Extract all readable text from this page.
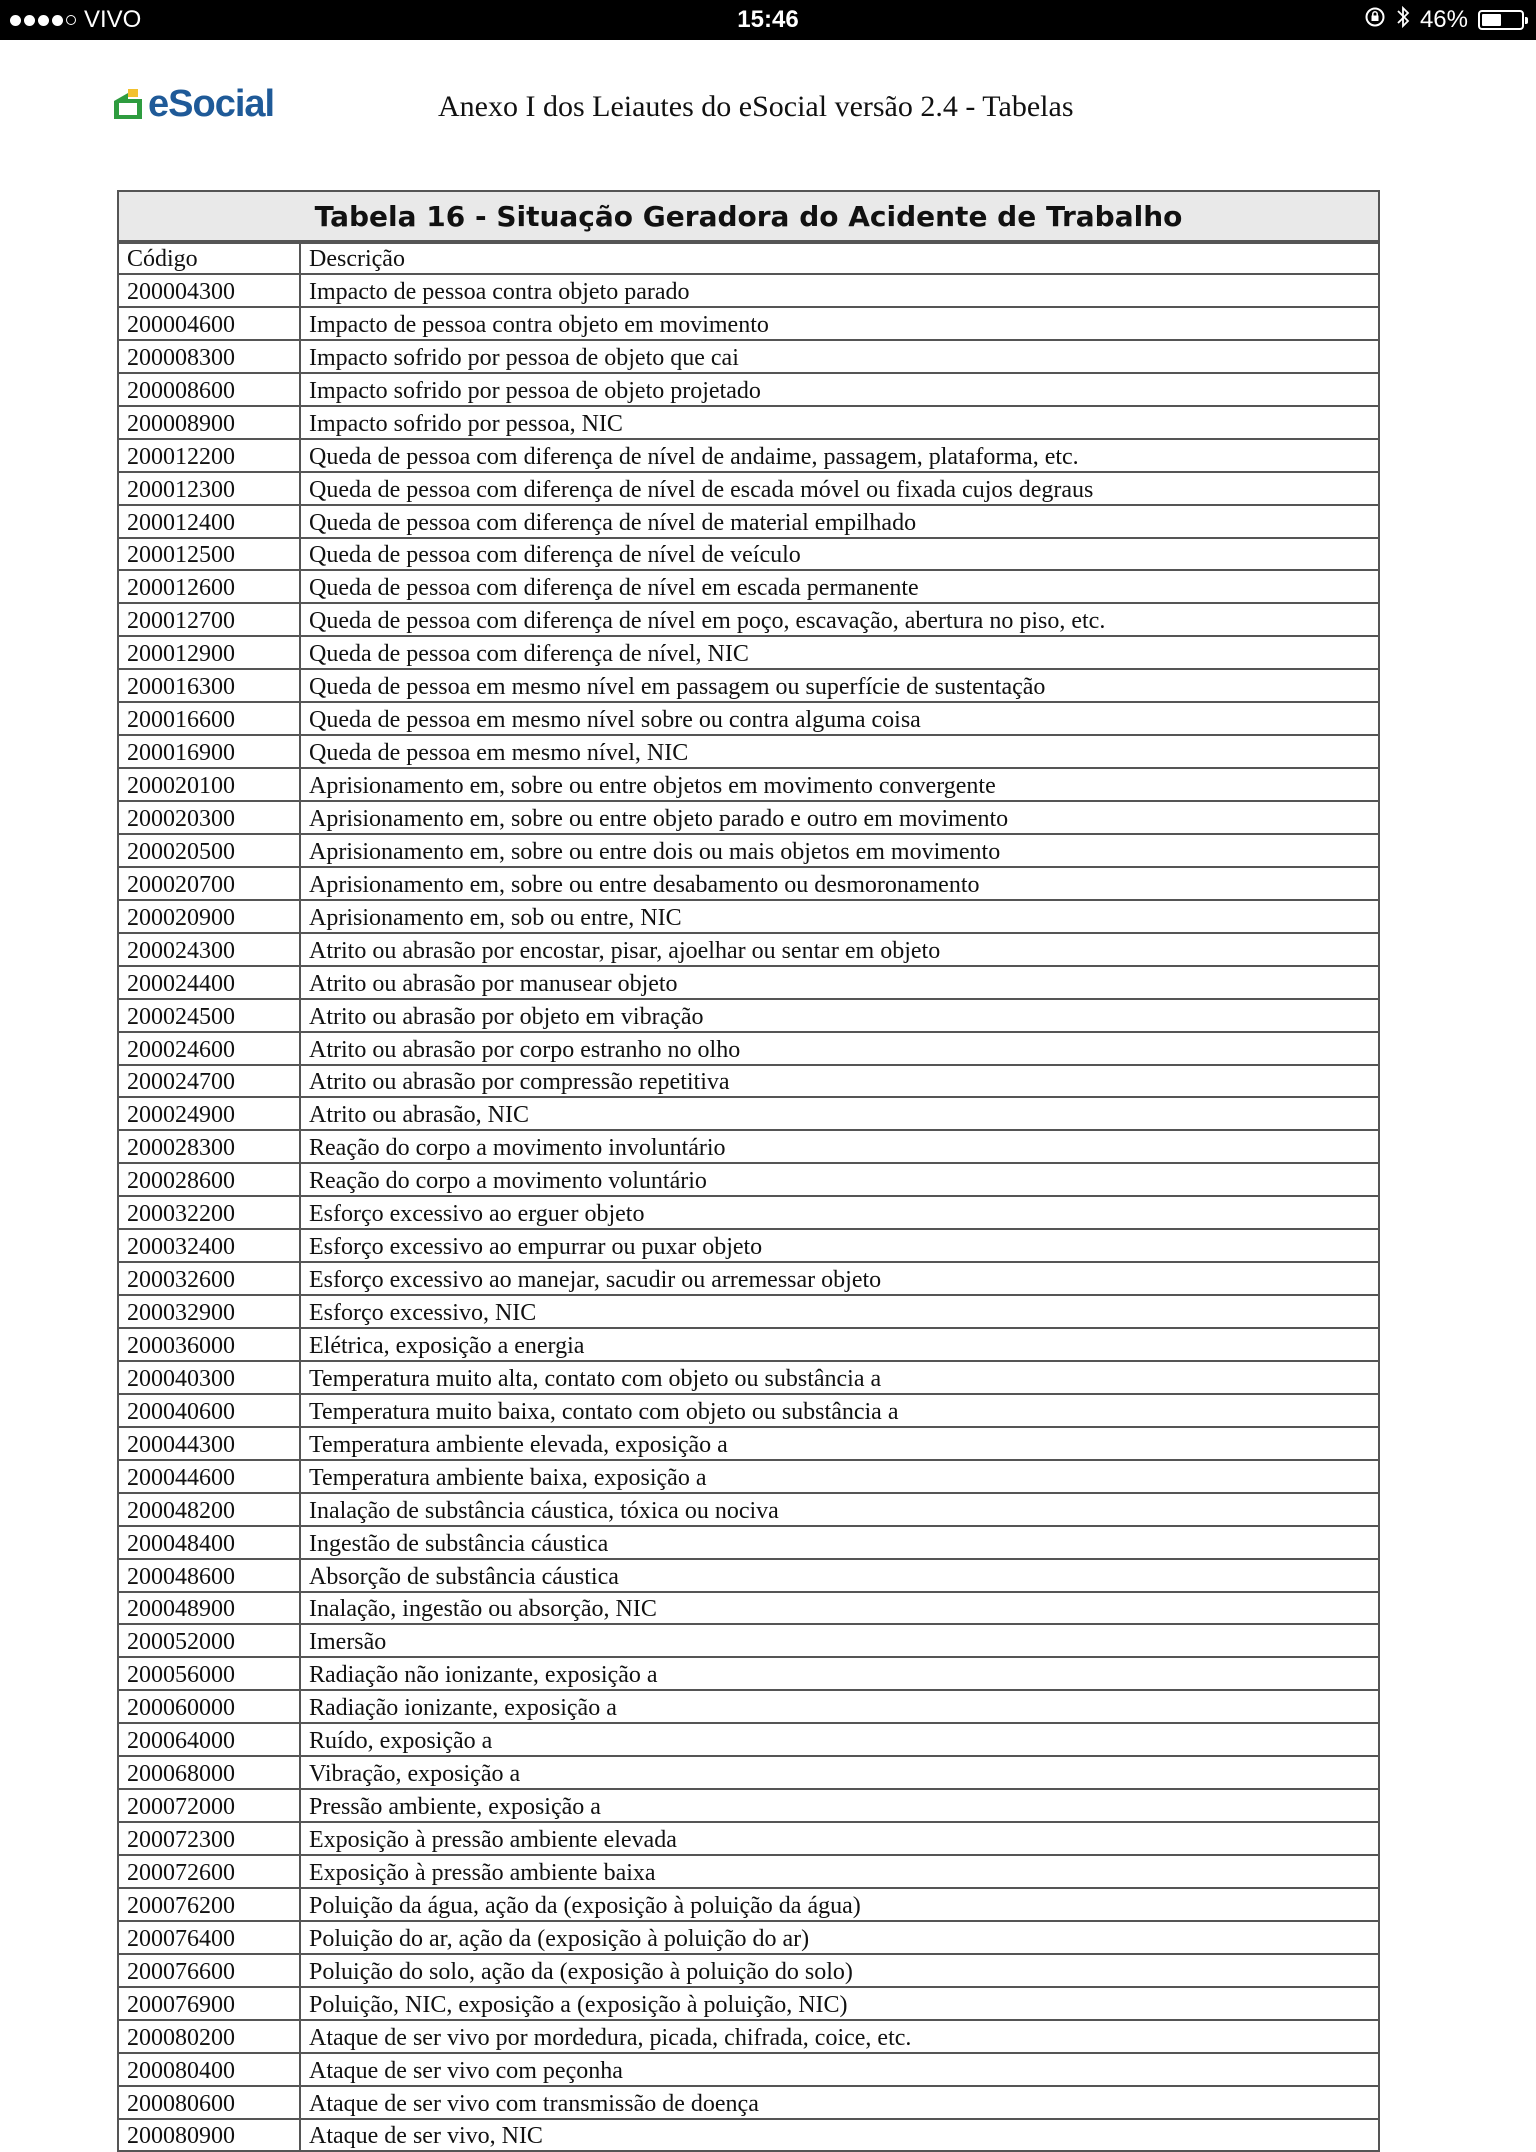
VIVO	15:46	46%
eSocial	Anexo I dos Leiautes do eSocial versão 2.4 - Tabelas
Tabela 16 - Situação Geradora do Acidente de Trabalho
Código	Descrição
200004300	Impacto de pessoa contra objeto parado
200004600	Impacto de pessoa contra objeto em movimento
200008300	Impacto sofrido por pessoa de objeto que cai
200008600	Impacto sofrido por pessoa de objeto projetado
200008900	Impacto sofrido por pessoa, NIC
200012200	Queda de pessoa com diferença de nível de andaime, passagem, plataforma, etc.
200012300	Queda de pessoa com diferença de nível de escada móvel ou fixada cujos degraus
200012400	Queda de pessoa com diferença de nível de material empilhado
200012500	Queda de pessoa com diferença de nível de veículo
200012600	Queda de pessoa com diferença de nível em escada permanente
200012700	Queda de pessoa com diferença de nível em poço, escavação, abertura no piso, etc.
200012900	Queda de pessoa com diferença de nível, NIC
200016300	Queda de pessoa em mesmo nível em passagem ou superfície de sustentação
200016600	Queda de pessoa em mesmo nível sobre ou contra alguma coisa
200016900	Queda de pessoa em mesmo nível, NIC
200020100	Aprisionamento em, sobre ou entre objetos em movimento convergente
200020300	Aprisionamento em, sobre ou entre objeto parado e outro em movimento
200020500	Aprisionamento em, sobre ou entre dois ou mais objetos em movimento
200020700	Aprisionamento em, sobre ou entre desabamento ou desmoronamento
200020900	Aprisionamento em, sob ou entre, NIC
200024300	Atrito ou abrasão por encostar, pisar, ajoelhar ou sentar em objeto
200024400	Atrito ou abrasão por manusear objeto
200024500	Atrito ou abrasão por objeto em vibração
200024600	Atrito ou abrasão por corpo estranho no olho
200024700	Atrito ou abrasão por compressão repetitiva
200024900	Atrito ou abrasão, NIC
200028300	Reação do corpo a movimento involuntário
200028600	Reação do corpo a movimento voluntário
200032200	Esforço excessivo ao erguer objeto
200032400	Esforço excessivo ao empurrar ou puxar objeto
200032600	Esforço excessivo ao manejar, sacudir ou arremessar objeto
200032900	Esforço excessivo, NIC
200036000	Elétrica, exposição a energia
200040300	Temperatura muito alta, contato com objeto ou substância a
200040600	Temperatura muito baixa, contato com objeto ou substância a
200044300	Temperatura ambiente elevada, exposição a
200044600	Temperatura ambiente baixa, exposição a
200048200	Inalação de substância cáustica, tóxica ou nociva
200048400	Ingestão de substância cáustica
200048600	Absorção de substância cáustica
200048900	Inalação, ingestão ou absorção, NIC
200052000	Imersão
200056000	Radiação não ionizante, exposição a
200060000	Radiação ionizante, exposição a
200064000	Ruído, exposição a
200068000	Vibração, exposição a
200072000	Pressão ambiente, exposição a
200072300	Exposição à pressão ambiente elevada
200072600	Exposição à pressão ambiente baixa
200076200	Poluição da água, ação da (exposição à poluição da água)
200076400	Poluição do ar, ação da (exposição à poluição do ar)
200076600	Poluição do solo, ação da (exposição à poluição do solo)
200076900	Poluição, NIC, exposição a (exposição à poluição, NIC)
200080200	Ataque de ser vivo por mordedura, picada, chifrada, coice, etc.
200080400	Ataque de ser vivo com peçonha
200080600	Ataque de ser vivo com transmissão de doença
200080900	Ataque de ser vivo, NIC
